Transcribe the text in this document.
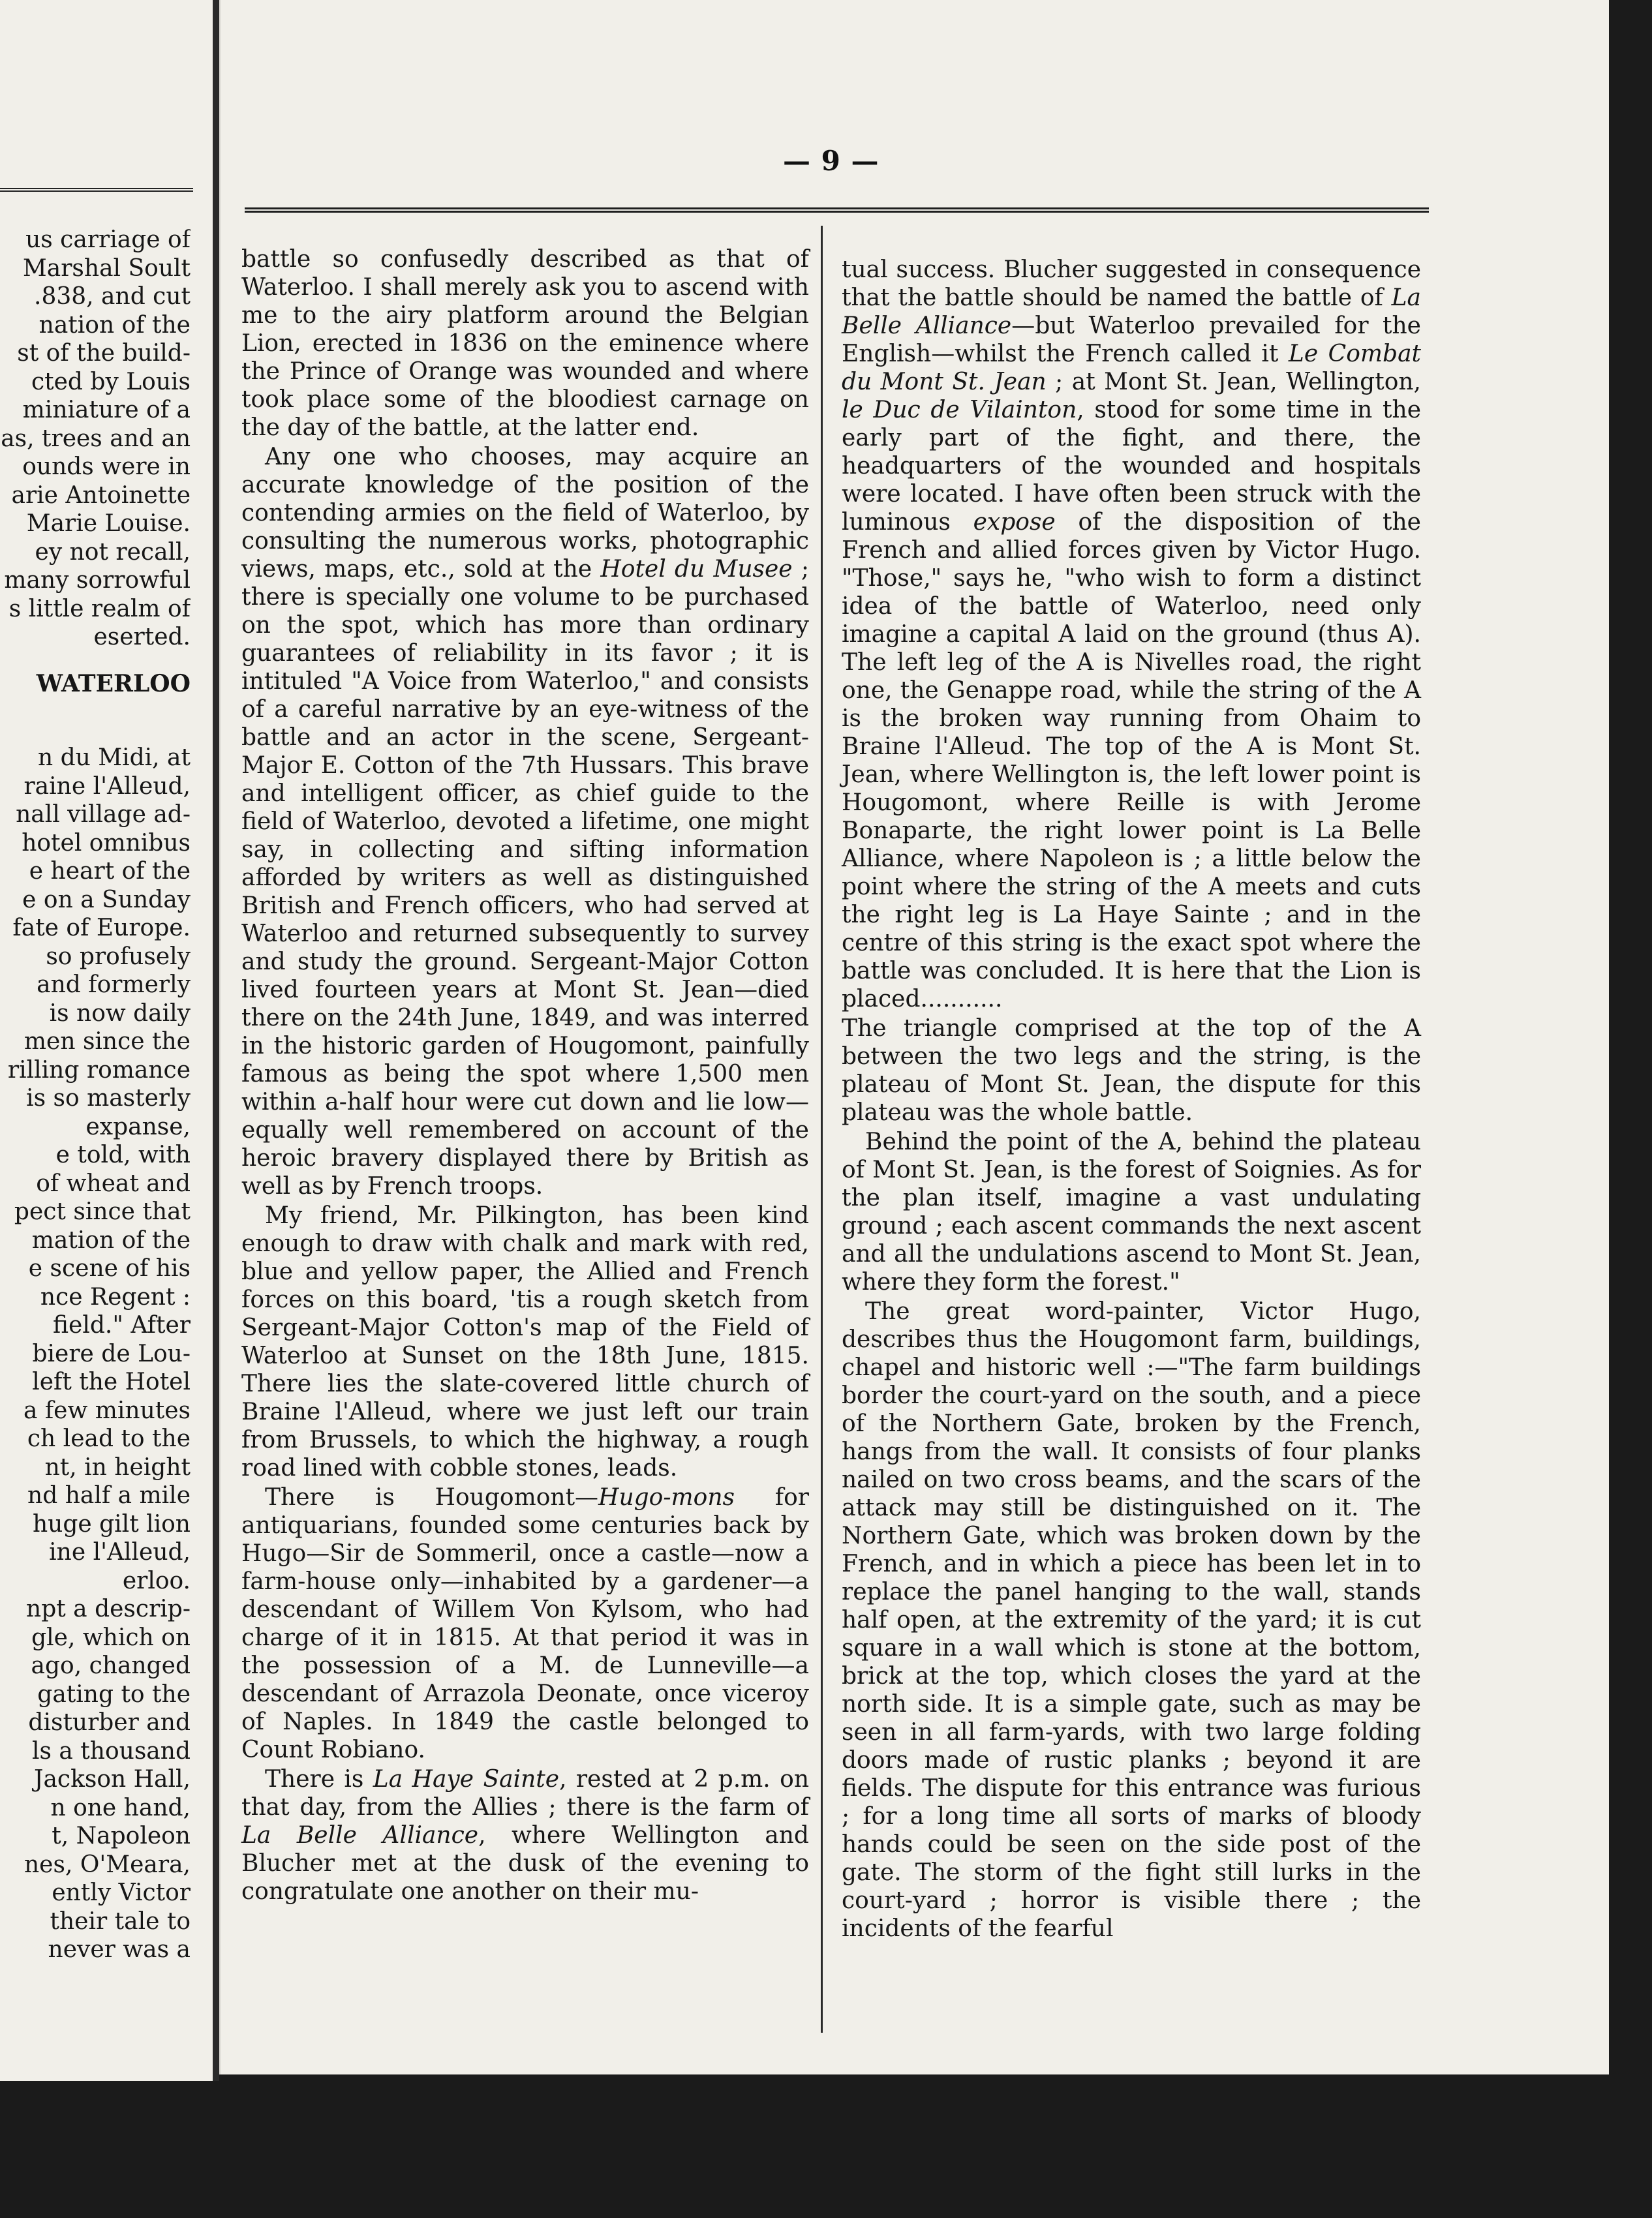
us carriage of
Marshal Soult
.838, and cut
nation of the
st of the build-
cted by Louis
miniature of a
as, trees and an
ounds were in
arie Antoinette
Marie Louise.
ey not recall,
many sorrowful
s little realm of
eserted.
WATERLOO
n du Midi, at
raine l'Alleud,
nall village ad-
hotel omnibus
e heart of the
e on a Sunday
fate of Europe.
so profusely
and formerly
is now daily
men since the
rilling romance
is so masterly
expanse,
e told, with
of wheat and
pect since that
mation of the
e scene of his
nce Regent :
field." After
biere de Lou-
left the Hotel
a few minutes
ch lead to the
nt, in height
nd half a mile
huge gilt lion
ine l'Alleud,
erloo.
npt a descrip-
gle, which on
ago, changed
gating to the
disturber and
ls a thousand
Jackson Hall,
n one hand,
t, Napoleon
nes, O'Meara,
ently Victor
their tale to
never was a
— 9 —

battle so confusedly described as that of Waterloo. I shall merely ask you to ascend with me to the airy platform around the Belgian Lion, erected in 1836 on the eminence where the Prince of Orange was wounded and where took place some of the bloodiest carnage on the day of the battle, at the latter end.

Any one who chooses, may acquire an accurate knowledge of the position of the contending armies on the field of Waterloo, by consulting the numerous works, photographic views, maps, etc., sold at the Hotel du Musee ; there is specially one volume to be purchased on the spot, which has more than ordinary guarantees of reliability in its favor ; it is intituled "A Voice from Waterloo," and consists of a careful narrative by an eye-witness of the battle and an actor in the scene, Sergeant-Major E. Cotton of the 7th Hussars. This brave and intelligent officer, as chief guide to the field of Waterloo, devoted a lifetime, one might say, in collecting and sifting information afforded by writers as well as distinguished British and French officers, who had served at Waterloo and returned subsequently to survey and study the ground. Sergeant-Major Cotton lived fourteen years at Mont St. Jean—died there on the 24th June, 1849, and was interred in the historic garden of Hougomont, painfully famous as being the spot where 1,500 men within a-half hour were cut down and lie low—equally well remembered on account of the heroic bravery displayed there by British as well as by French troops.

My friend, Mr. Pilkington, has been kind enough to draw with chalk and mark with red, blue and yellow paper, the Allied and French forces on this board, 'tis a rough sketch from Sergeant-Major Cotton's map of the Field of Waterloo at Sunset on the 18th June, 1815. There lies the slate-covered little church of Braine l'Alleud, where we just left our train from Brussels, to which the highway, a rough road lined with cobble stones, leads.

There is Hougomont—Hugo-mons for antiquarians, founded some centuries back by Hugo—Sir de Sommeril, once a castle—now a farm-house only—inhabited by a gardener—a descendant of Willem Von Kylsom, who had charge of it in 1815. At that period it was in the possession of a M. de Lunneville—a descendant of Arrazola Deonate, once viceroy of Naples. In 1849 the castle belonged to Count Robiano.

There is La Haye Sainte, rested at 2 p.m. on that day, from the Allies ; there is the farm of La Belle Alliance, where Wellington and Blucher met at the dusk of the evening to congratulate one another on their mu-

tual success. Blucher suggested in consequence that the battle should be named the battle of La Belle Alliance—but Waterloo prevailed for the English—whilst the French called it Le Combat du Mont St. Jean ; at Mont St. Jean, Wellington, le Duc de Vilainton, stood for some time in the early part of the fight, and there, the headquarters of the wounded and hospitals were located. I have often been struck with the luminous expose of the disposition of the French and allied forces given by Victor Hugo. "Those," says he, "who wish to form a distinct idea of the battle of Waterloo, need only imagine a capital A laid on the ground (thus A). The left leg of the A is Nivelles road, the right one, the Genappe road, while the string of the A is the broken way running from Ohaim to Braine l'Alleud. The top of the A is Mont St. Jean, where Wellington is, the left lower point is Hougomont, where Reille is with Jerome Bonaparte, the right lower point is La Belle Alliance, where Napoleon is ; a little below the point where the string of the A meets and cuts the right leg is La Haye Sainte ; and in the centre of this string is the exact spot where the battle was concluded. It is here that the Lion is placed...........

The triangle comprised at the top of the A between the two legs and the string, is the plateau of Mont St. Jean, the dispute for this plateau was the whole battle.

Behind the point of the A, behind the plateau of Mont St. Jean, is the forest of Soignies. As for the plan itself, imagine a vast undulating ground ; each ascent commands the next ascent and all the undulations ascend to Mont St. Jean, where they form the forest."

The great word-painter, Victor Hugo, describes thus the Hougomont farm, buildings, chapel and historic well :—"The farm buildings border the court-yard on the south, and a piece of the Northern Gate, broken by the French, hangs from the wall. It consists of four planks nailed on two cross beams, and the scars of the attack may still be distinguished on it. The Northern Gate, which was broken down by the French, and in which a piece has been let in to replace the panel hanging to the wall, stands half open, at the extremity of the yard; it is cut square in a wall which is stone at the bottom, brick at the top, which closes the yard at the north side. It is a simple gate, such as may be seen in all farm-yards, with two large folding doors made of rustic planks ; beyond it are fields. The dispute for this entrance was furious ; for a long time all sorts of marks of bloody hands could be seen on the side post of the gate. The storm of the fight still lurks in the court-yard ; horror is visible there ; the incidents of the fearful
